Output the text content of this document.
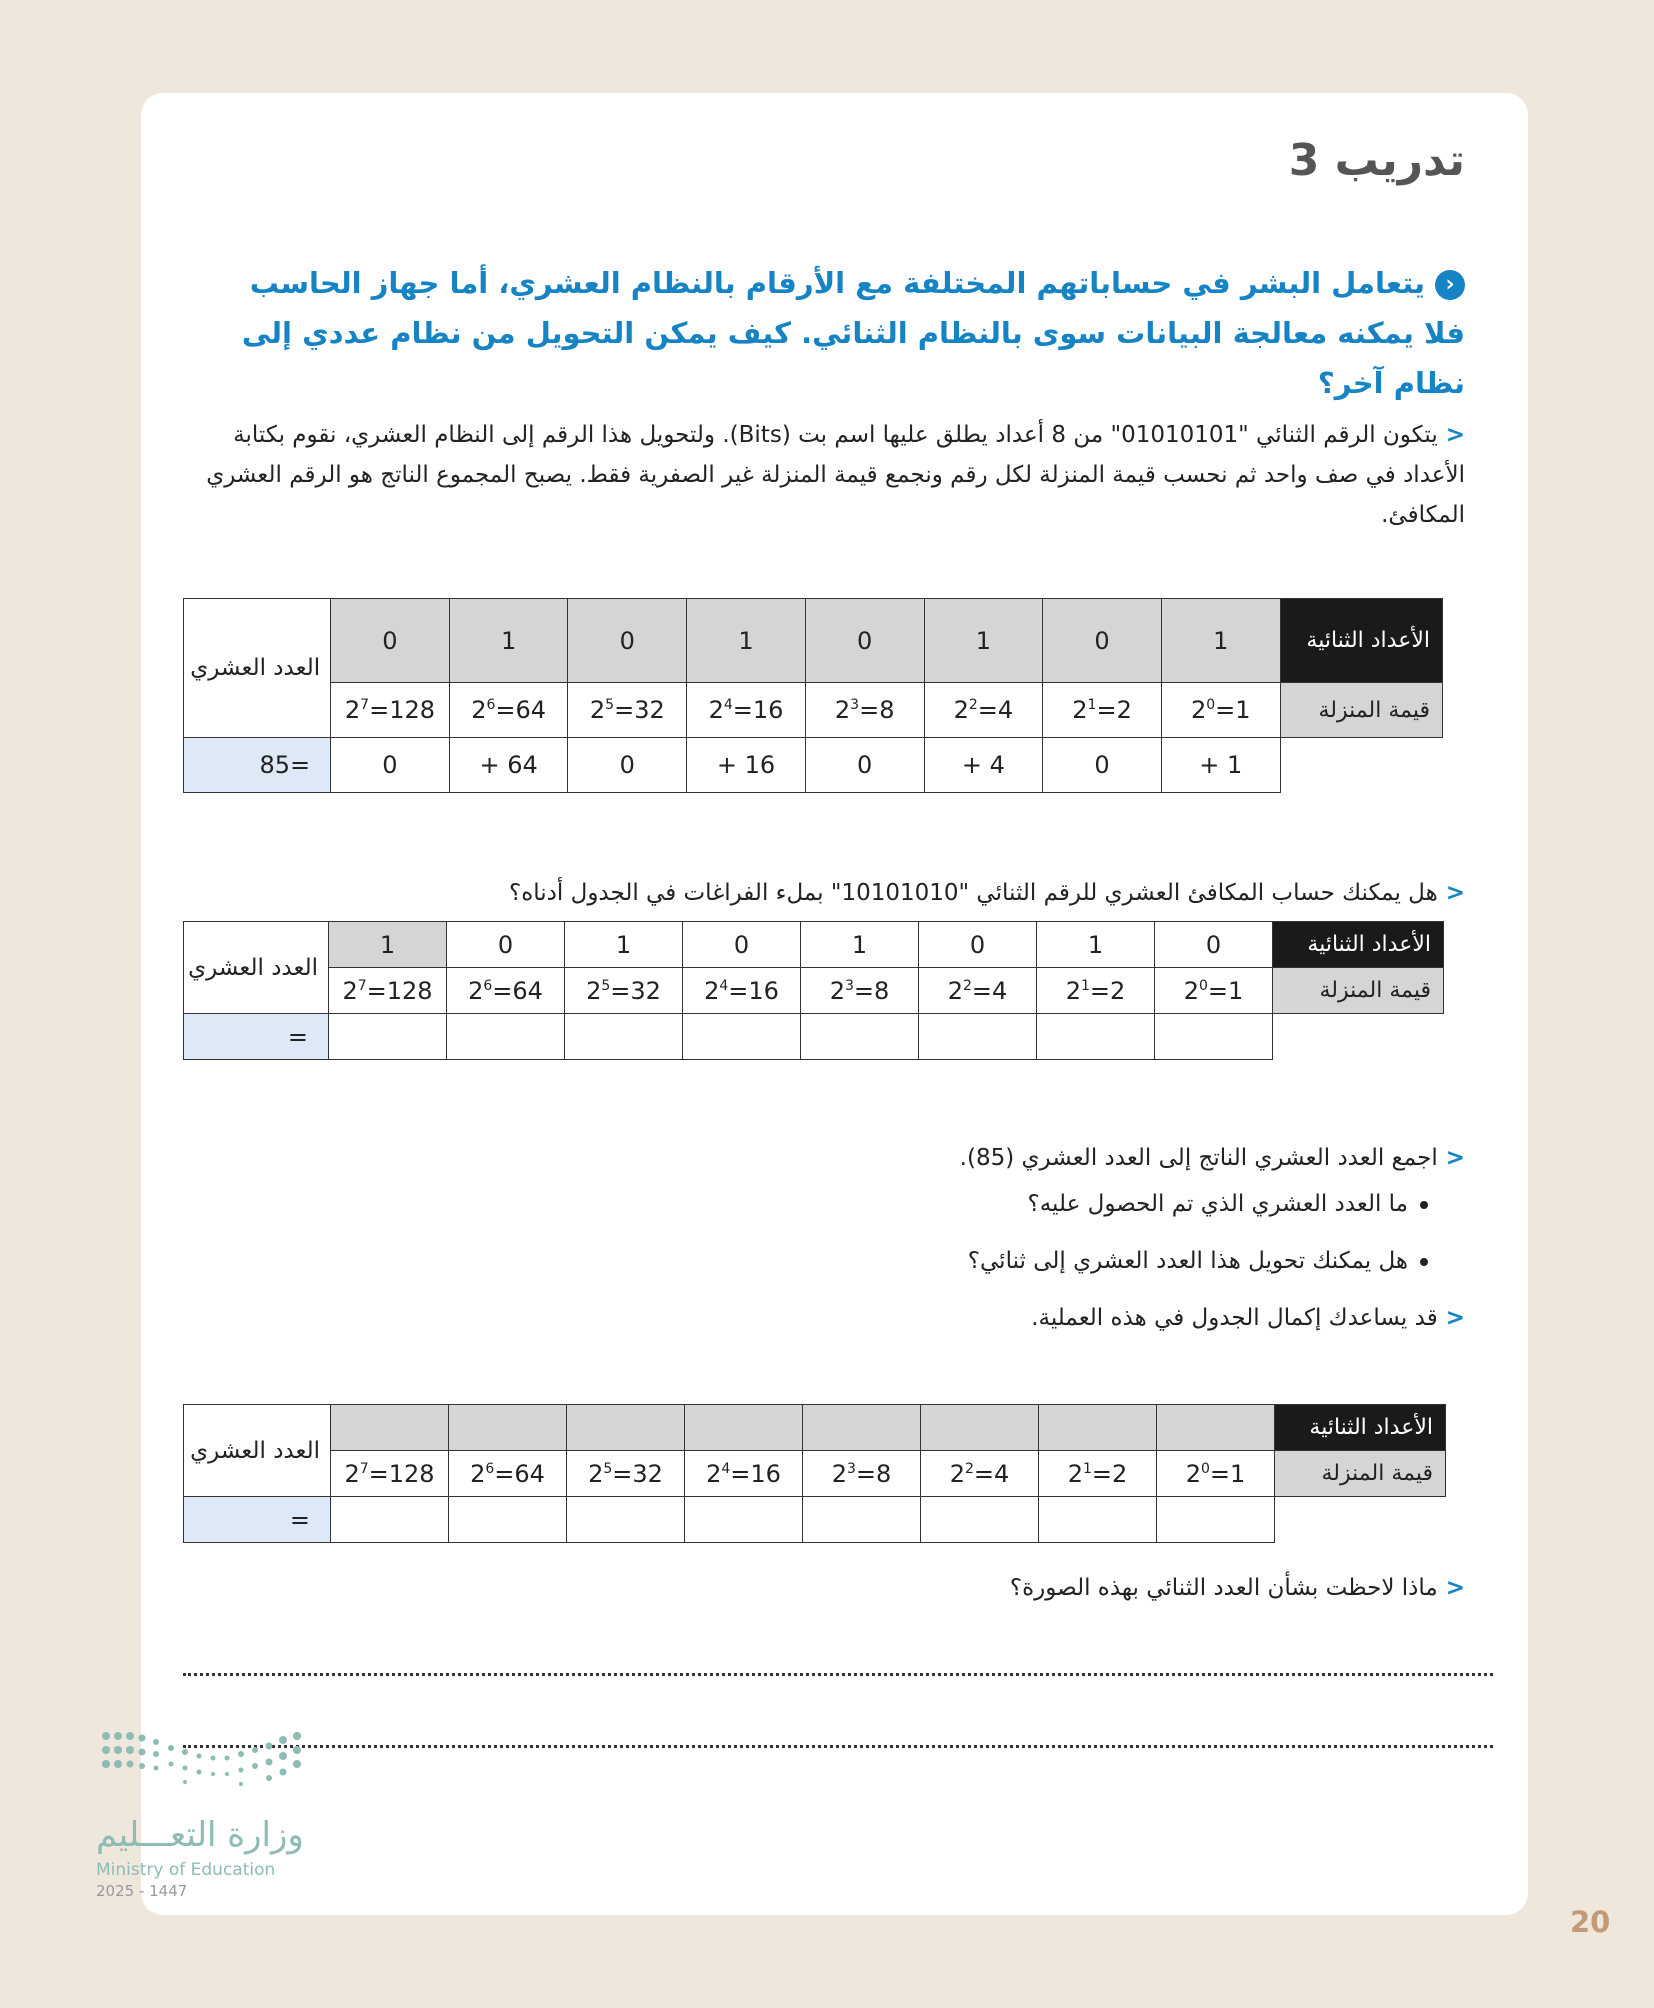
تدريب 3
‹يتعامل البشر في حساباتهم المختلفة مع الأرقام بالنظام العشري، أما جهاز الحاسب فلا يمكنه معالجة البيانات سوى بالنظام الثنائي. كيف يمكن التحويل من نظام عددي إلى نظام آخر؟
<يتكون الرقم الثنائي "01010101" من 8 أعداد يطلق عليها اسم بت (Bits). ولتحويل هذا الرقم إلى النظام العشري، نقوم بكتابة الأعداد في صف واحد ثم نحسب قيمة المنزلة لكل رقم ونجمع قيمة المنزلة غير الصفرية فقط. يصبح المجموع الناتج هو الرقم العشري المكافئ.
العدد العشري	0	1	0	1	0	1	0	1	الأعداد الثنائية
	$2^7=128$	$2^6=64$	$2^5=32$	$2^4=16$	$2^3=8$	$2^2=4$	$2^1=2$	$2^0=1$	قيمة المنزلة
85=	0	+ 64	0	+ 16	0	+ 4	0	+ 1	
<هل يمكنك حساب المكافئ العشري للرقم الثنائي "10101010" بملء الفراغات في الجدول أدناه؟
العدد العشري	1	0	1	0	1	0	1	0	الأعداد الثنائية
	$2^7=128$	$2^6=64$	$2^5=32$	$2^4=16$	$2^3=8$	$2^2=4$	$2^1=2$	$2^0=1$	قيمة المنزلة
=									
<اجمع العدد العشري الناتج إلى العدد العشري (85).
ما العدد العشري الذي تم الحصول عليه؟
هل يمكنك تحويل هذا العدد العشري إلى ثنائي؟
<قد يساعدك إكمال الجدول في هذه العملية.
العدد العشري									الأعداد الثنائية
	$2^7=128$	$2^6=64$	$2^5=32$	$2^4=16$	$2^3=8$	$2^2=4$	$2^1=2$	$2^0=1$	قيمة المنزلة
=									
<ماذا لاحظت بشأن العدد الثنائي بهذه الصورة؟
وزارة التعـــليم
Ministry of Education
2025 - 1447
20
